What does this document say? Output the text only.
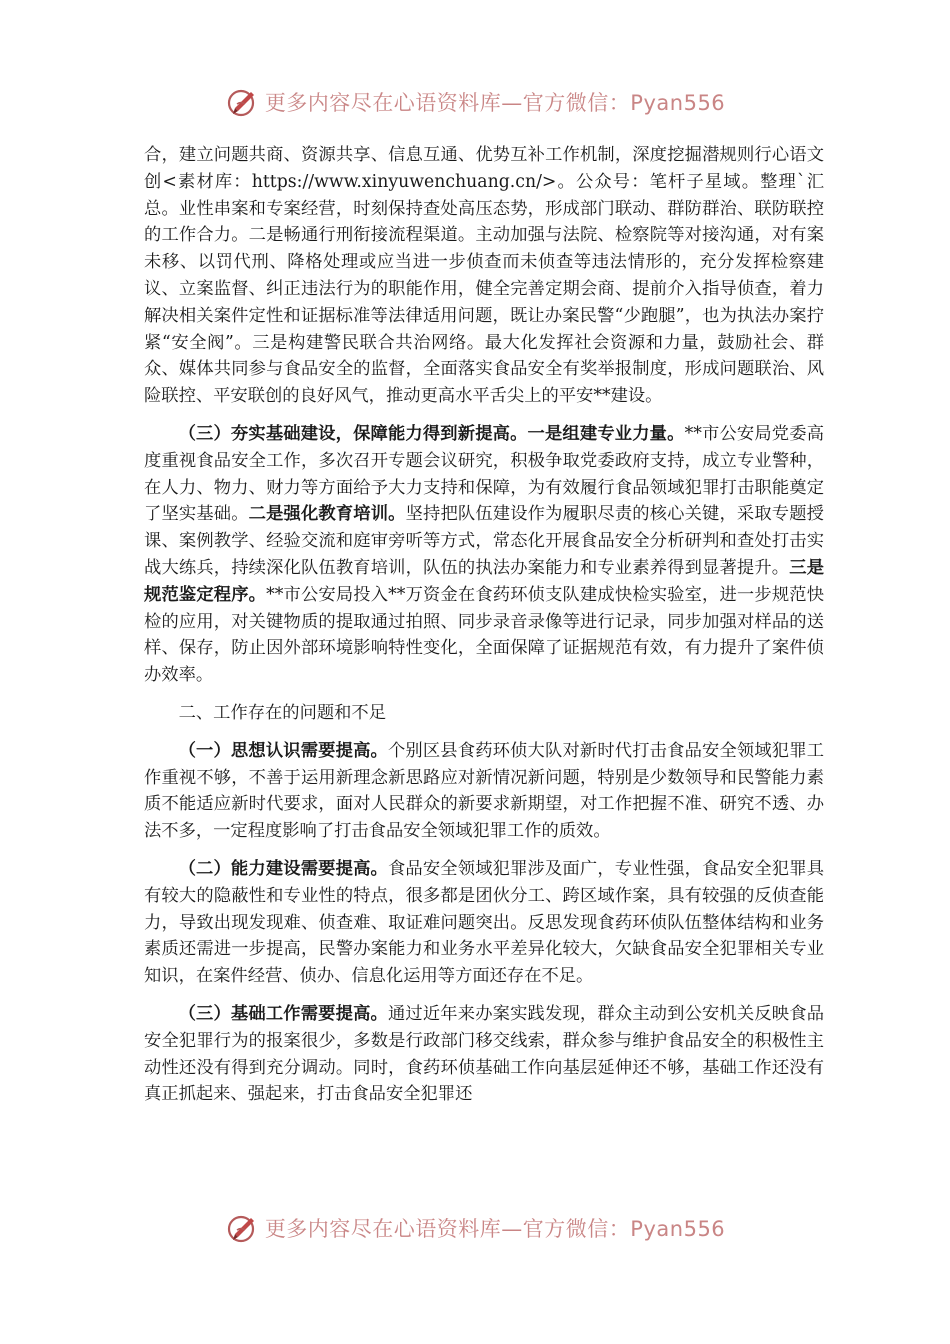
更多内容尽在心语资料库—官方微信：Pyan556

合，建立问题共商、资源共享、信息互通、优势互补工作机制，深度挖掘潜规则行心语文创<素材库：https://www.xinyuwenchuang.cn/>。公众号：笔杆子星域。整理`汇总。业性串案和专案经营，时刻保持查处高压态势，形成部门联动、群防群治、联防联控的工作合力。二是畅通行刑衔接流程渠道。主动加强与法院、检察院等对接沟通，对有案未移、以罚代刑、降格处理或应当进一步侦查而未侦查等违法情形的，充分发挥检察建议、立案监督、纠正违法行为的职能作用，健全完善定期会商、提前介入指导侦查，着力解决相关案件定性和证据标准等法律适用问题，既让办案民警“少跑腿”，也为执法办案拧紧“安全阀”。三是构建警民联合共治网络。最大化发挥社会资源和力量，鼓励社会、群众、媒体共同参与食品安全的监督，全面落实食品安全有奖举报制度，形成问题联治、风险联控、平安联创的良好风气，推动更高水平舌尖上的平安**建设。

（三）夯实基础建设，保障能力得到新提高。一是组建专业力量。**市公安局党委高度重视食品安全工作，多次召开专题会议研究，积极争取党委政府支持，成立专业警种，在人力、物力、财力等方面给予大力支持和保障，为有效履行食品领域犯罪打击职能奠定了坚实基础。二是强化教育培训。坚持把队伍建设作为履职尽责的核心关键，采取专题授课、案例教学、经验交流和庭审旁听等方式，常态化开展食品安全分析研判和查处打击实战大练兵，持续深化队伍教育培训，队伍的执法办案能力和专业素养得到显著提升。三是规范鉴定程序。**市公安局投入**万资金在食药环侦支队建成快检实验室，进一步规范快检的应用，对关键物质的提取通过拍照、同步录音录像等进行记录，同步加强对样品的送样、保存，防止因外部环境影响特性变化，全面保障了证据规范有效，有力提升了案件侦办效率。

二、工作存在的问题和不足

（一）思想认识需要提高。个别区县食药环侦大队对新时代打击食品安全领域犯罪工作重视不够，不善于运用新理念新思路应对新情况新问题，特别是少数领导和民警能力素质不能适应新时代要求，面对人民群众的新要求新期望，对工作把握不准、研究不透、办法不多，一定程度影响了打击食品安全领域犯罪工作的质效。

（二）能力建设需要提高。食品安全领域犯罪涉及面广，专业性强，食品安全犯罪具有较大的隐蔽性和专业性的特点，很多都是团伙分工、跨区域作案，具有较强的反侦查能力，导致出现发现难、侦查难、取证难问题突出。反思发现食药环侦队伍整体结构和业务素质还需进一步提高，民警办案能力和业务水平差异化较大，欠缺食品安全犯罪相关专业知识，在案件经营、侦办、信息化运用等方面还存在不足。

（三）基础工作需要提高。通过近年来办案实践发现，群众主动到公安机关反映食品安全犯罪行为的报案很少，多数是行政部门移交线索，群众参与维护食品安全的积极性主动性还没有得到充分调动。同时，食药环侦基础工作向基层延伸还不够，基础工作还没有真正抓起来、强起来，打击食品安全犯罪还

更多内容尽在心语资料库—官方微信：Pyan556
